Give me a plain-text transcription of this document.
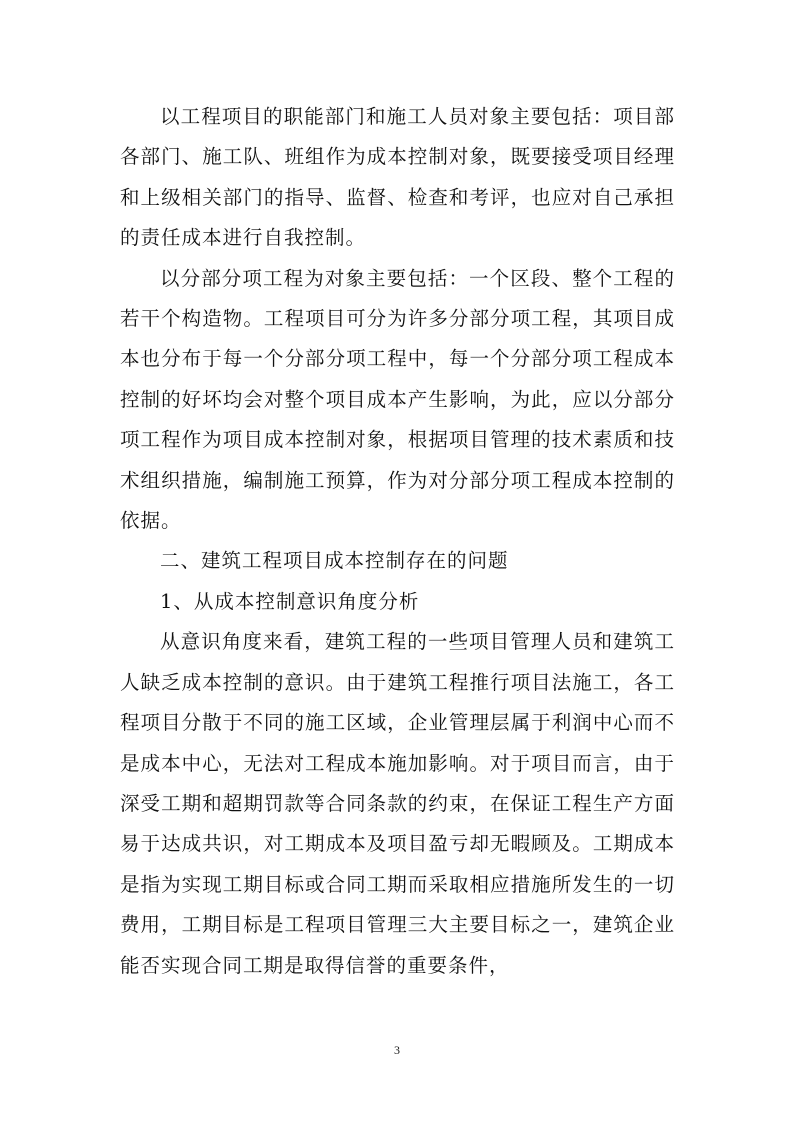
以工程项目的职能部门和施工人员对象主要包括：项目部各部门、施工队、班组作为成本控制对象，既要接受项目经理和上级相关部门的指导、监督、检查和考评，也应对自己承担的责任成本进行自我控制。

以分部分项工程为对象主要包括：一个区段、整个工程的若干个构造物。工程项目可分为许多分部分项工程，其项目成本也分布于每一个分部分项工程中，每一个分部分项工程成本控制的好坏均会对整个项目成本产生影响，为此，应以分部分项工程作为项目成本控制对象，根据项目管理的技术素质和技术组织措施，编制施工预算，作为对分部分项工程成本控制的依据。

二、建筑工程项目成本控制存在的问题

1、从成本控制意识角度分析

从意识角度来看，建筑工程的一些项目管理人员和建筑工人缺乏成本控制的意识。由于建筑工程推行项目法施工，各工程项目分散于不同的施工区域，企业管理层属于利润中心而不是成本中心，无法对工程成本施加影响。对于项目而言，由于深受工期和超期罚款等合同条款的约束，在保证工程生产方面易于达成共识，对工期成本及项目盈亏却无暇顾及。工期成本是指为实现工期目标或合同工期而采取相应措施所发生的一切费用，工期目标是工程项目管理三大主要目标之一，建筑企业能否实现合同工期是取得信誉的重要条件，

3
